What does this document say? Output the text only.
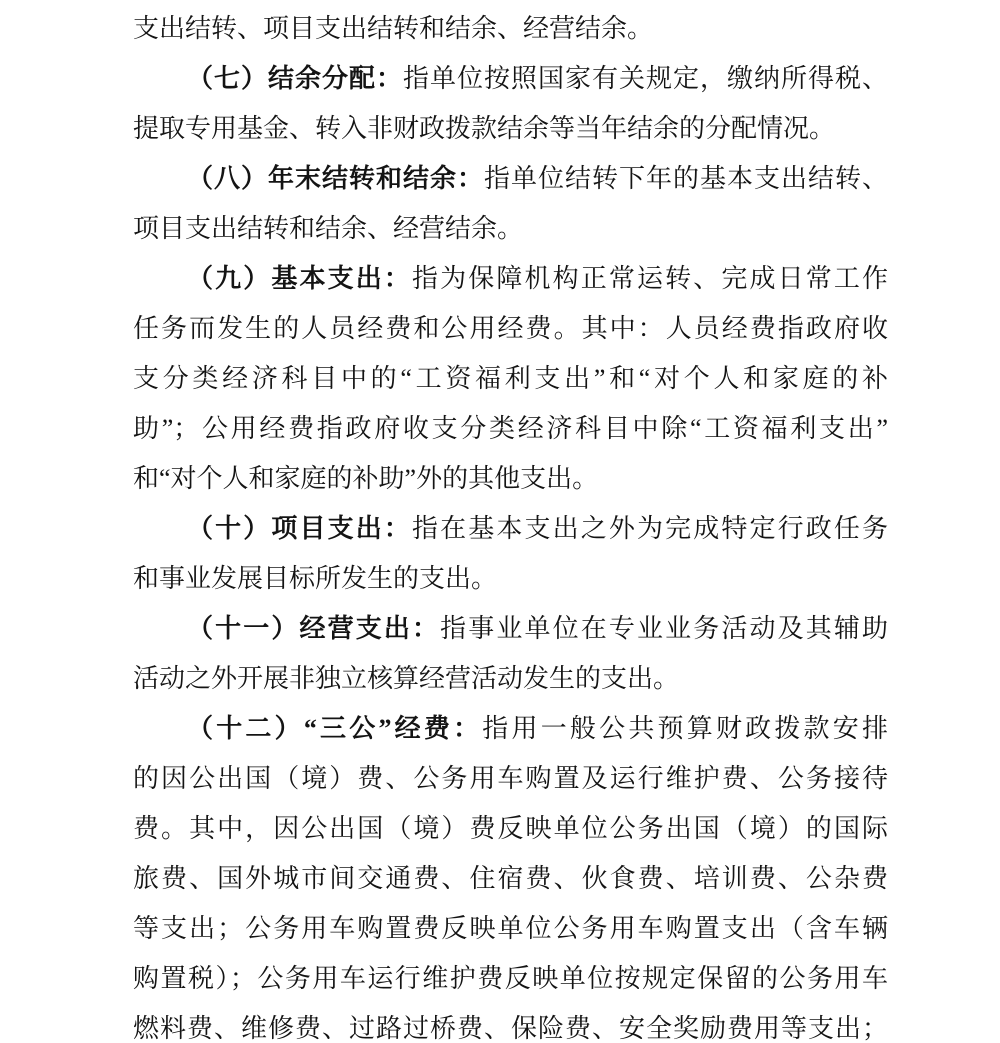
支出结转、项目支出结转和结余、经营结余。
（七）结余分配：指单位按照国家有关规定，缴纳所得税、
提取专用基金、转入非财政拨款结余等当年结余的分配情况。
（八）年末结转和结余：指单位结转下年的基本支出结转、
项目支出结转和结余、经营结余。
（九）基本支出：指为保障机构正常运转、完成日常工作
任务而发生的人员经费和公用经费。其中：人员经费指政府收
支分类经济科目中的“工资福利支出”和“对个人和家庭的补
助”；公用经费指政府收支分类经济科目中除“工资福利支出”
和“对个人和家庭的补助”外的其他支出。
（十）项目支出：指在基本支出之外为完成特定行政任务
和事业发展目标所发生的支出。
（十一）经营支出：指事业单位在专业业务活动及其辅助
活动之外开展非独立核算经营活动发生的支出。
（十二）“三公”经费：指用一般公共预算财政拨款安排
的因公出国（境）费、公务用车购置及运行维护费、公务接待
费。其中，因公出国（境）费反映单位公务出国（境）的国际
旅费、国外城市间交通费、住宿费、伙食费、培训费、公杂费
等支出；公务用车购置费反映单位公务用车购置支出（含车辆
购置税）；公务用车运行维护费反映单位按规定保留的公务用车
燃料费、维修费、过路过桥费、保险费、安全奖励费用等支出；
